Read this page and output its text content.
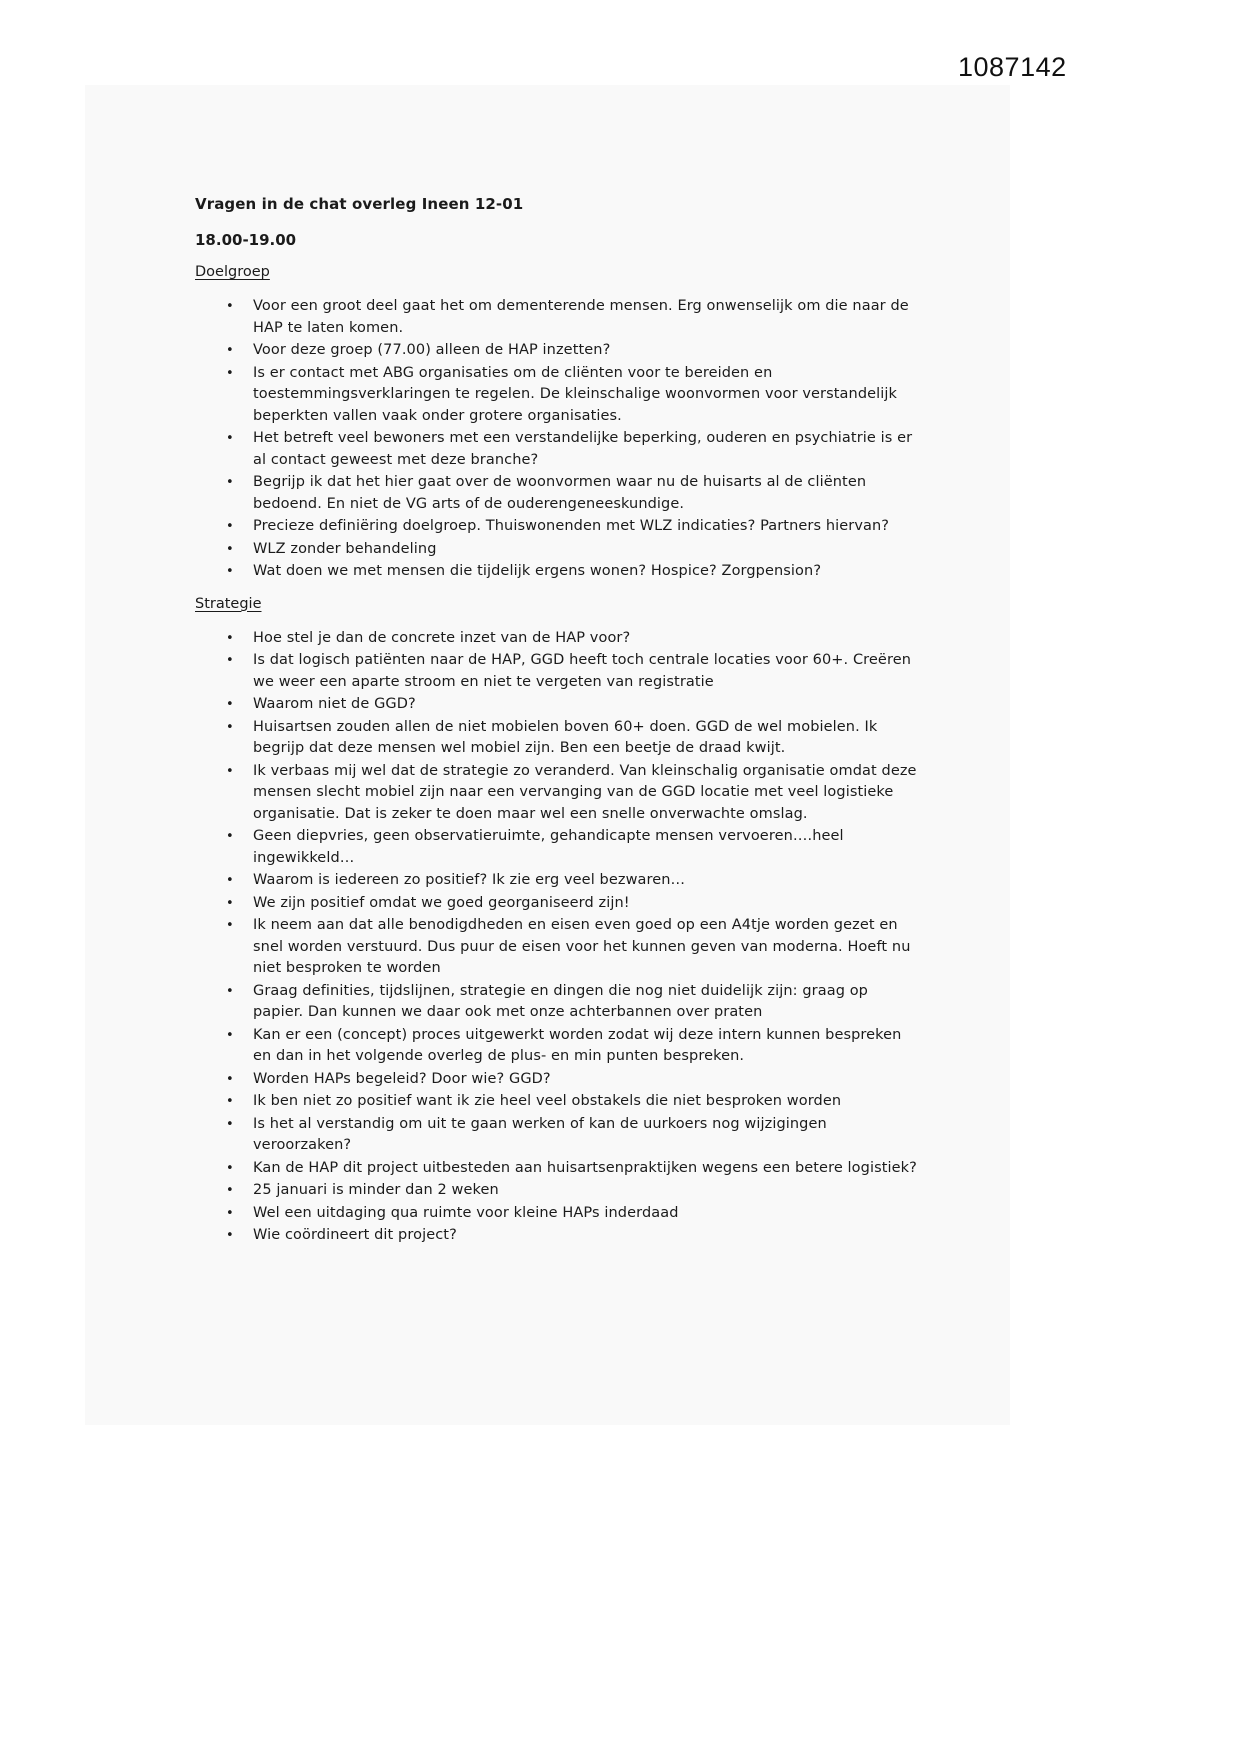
1087142
Vragen in de chat overleg Ineen 12-01
18.00-19.00
Doelgroep
• Voor een groot deel gaat het om dementerende mensen. Erg onwenselijk om die naar de HAP te laten komen.
• Voor deze groep (77.00) alleen de HAP inzetten?
• Is er contact met ABG organisaties om de cliënten voor te bereiden en toestemmingsverklaringen te regelen. De kleinschalige woonvormen voor verstandelijk beperkten vallen vaak onder grotere organisaties.
• Het betreft veel bewoners met een verstandelijke beperking, ouderen en psychiatrie is er al contact geweest met deze branche?
• Begrijp ik dat het hier gaat over de woonvormen waar nu de huisarts al de cliënten bedoend. En niet de VG arts of de ouderengeneeskundige.
• Precieze definiëring doelgroep. Thuiswonenden met WLZ indicaties? Partners hiervan?
• WLZ zonder behandeling
• Wat doen we met mensen die tijdelijk ergens wonen? Hospice? Zorgpension?
Strategie
• Hoe stel je dan de concrete inzet van de HAP voor?
• Is dat logisch patiënten naar de HAP, GGD heeft toch centrale locaties voor 60+. Creëren we weer een aparte stroom en niet te vergeten van registratie
• Waarom niet de GGD?
• Huisartsen zouden allen de niet mobielen boven 60+ doen. GGD de wel mobielen. Ik begrijp dat deze mensen wel mobiel zijn. Ben een beetje de draad kwijt.
• Ik verbaas mij wel dat de strategie zo veranderd. Van kleinschalig organisatie omdat deze mensen slecht mobiel zijn naar een vervanging van de GGD locatie met veel logistieke organisatie. Dat is zeker te doen maar wel een snelle onverwachte omslag.
• Geen diepvries, geen observatieruimte, gehandicapte mensen vervoeren….heel ingewikkeld…
• Waarom is iedereen zo positief? Ik zie erg veel bezwaren…
• We zijn positief omdat we goed georganiseerd zijn!
• Ik neem aan dat alle benodigdheden en eisen even goed op een A4tje worden gezet en snel worden verstuurd. Dus puur de eisen voor het kunnen geven van moderna. Hoeft nu niet besproken te worden
• Graag definities, tijdslijnen, strategie en dingen die nog niet duidelijk zijn: graag op papier. Dan kunnen we daar ook met onze achterbannen over praten
• Kan er een (concept) proces uitgewerkt worden zodat wij deze intern kunnen bespreken en dan in het volgende overleg de plus- en min punten bespreken.
• Worden HAPs begeleid? Door wie? GGD?
• Ik ben niet zo positief want ik zie heel veel obstakels die niet besproken worden
• Is het al verstandig om uit te gaan werken of kan de uurkoers nog wijzigingen veroorzaken?
• Kan de HAP dit project uitbesteden aan huisartsenpraktijken wegens een betere logistiek?
• 25 januari is minder dan 2 weken
• Wel een uitdaging qua ruimte voor kleine HAPs inderdaad
• Wie coördineert dit project?
